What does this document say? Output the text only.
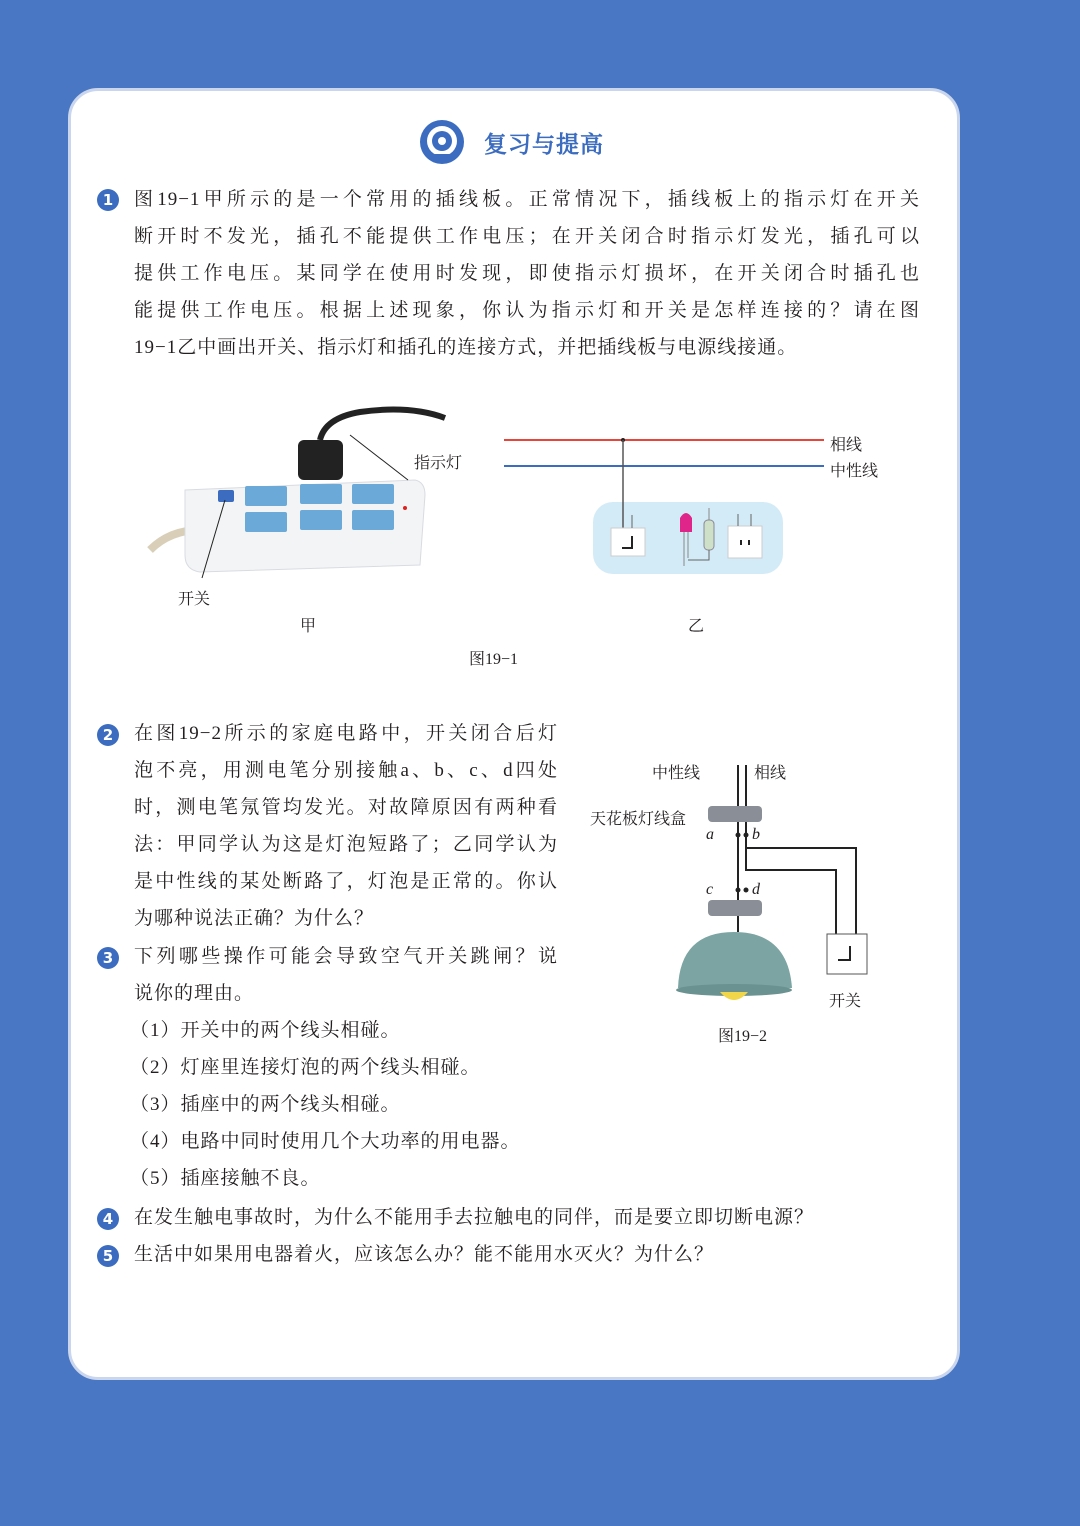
复习与提高
1	图19−1甲所示的是一个常用的插线板。正常情况下，插线板上的指示灯在开关
断开时不发光，插孔不能提供工作电压；在开关闭合时指示灯发光，插孔可以
提供工作电压。某同学在使用时发现，即使指示灯损坏，在开关闭合时插孔也
能提供工作电压。根据上述现象，你认为指示灯和开关是怎样连接的？请在图
19−1乙中画出开关、指示灯和插孔的连接方式，并把插线板与电源线接通。
指示灯
开关
甲	乙
图19−1
相线
中性线
2	在图19−2所示的家庭电路中，开关闭合后灯
泡不亮，用测电笔分别接触a、b、c、d四处
时，测电笔氖管均发光。对故障原因有两种看
法：甲同学认为这是灯泡短路了；乙同学认为
是中性线的某处断路了，灯泡是正常的。你认
为哪种说法正确？为什么？
中性线	相线
天花板灯线盒
a b
c d
开关
图19−2
3	下列哪些操作可能会导致空气开关跳闸？说
说你的理由。
（1）开关中的两个线头相碰。
（2）灯座里连接灯泡的两个线头相碰。
（3）插座中的两个线头相碰。
（4）电路中同时使用几个大功率的用电器。
（5）插座接触不良。
4	在发生触电事故时，为什么不能用手去拉触电的同伴，而是要立即切断电源？
5	生活中如果用电器着火，应该怎么办？能不能用水灭火？为什么？
